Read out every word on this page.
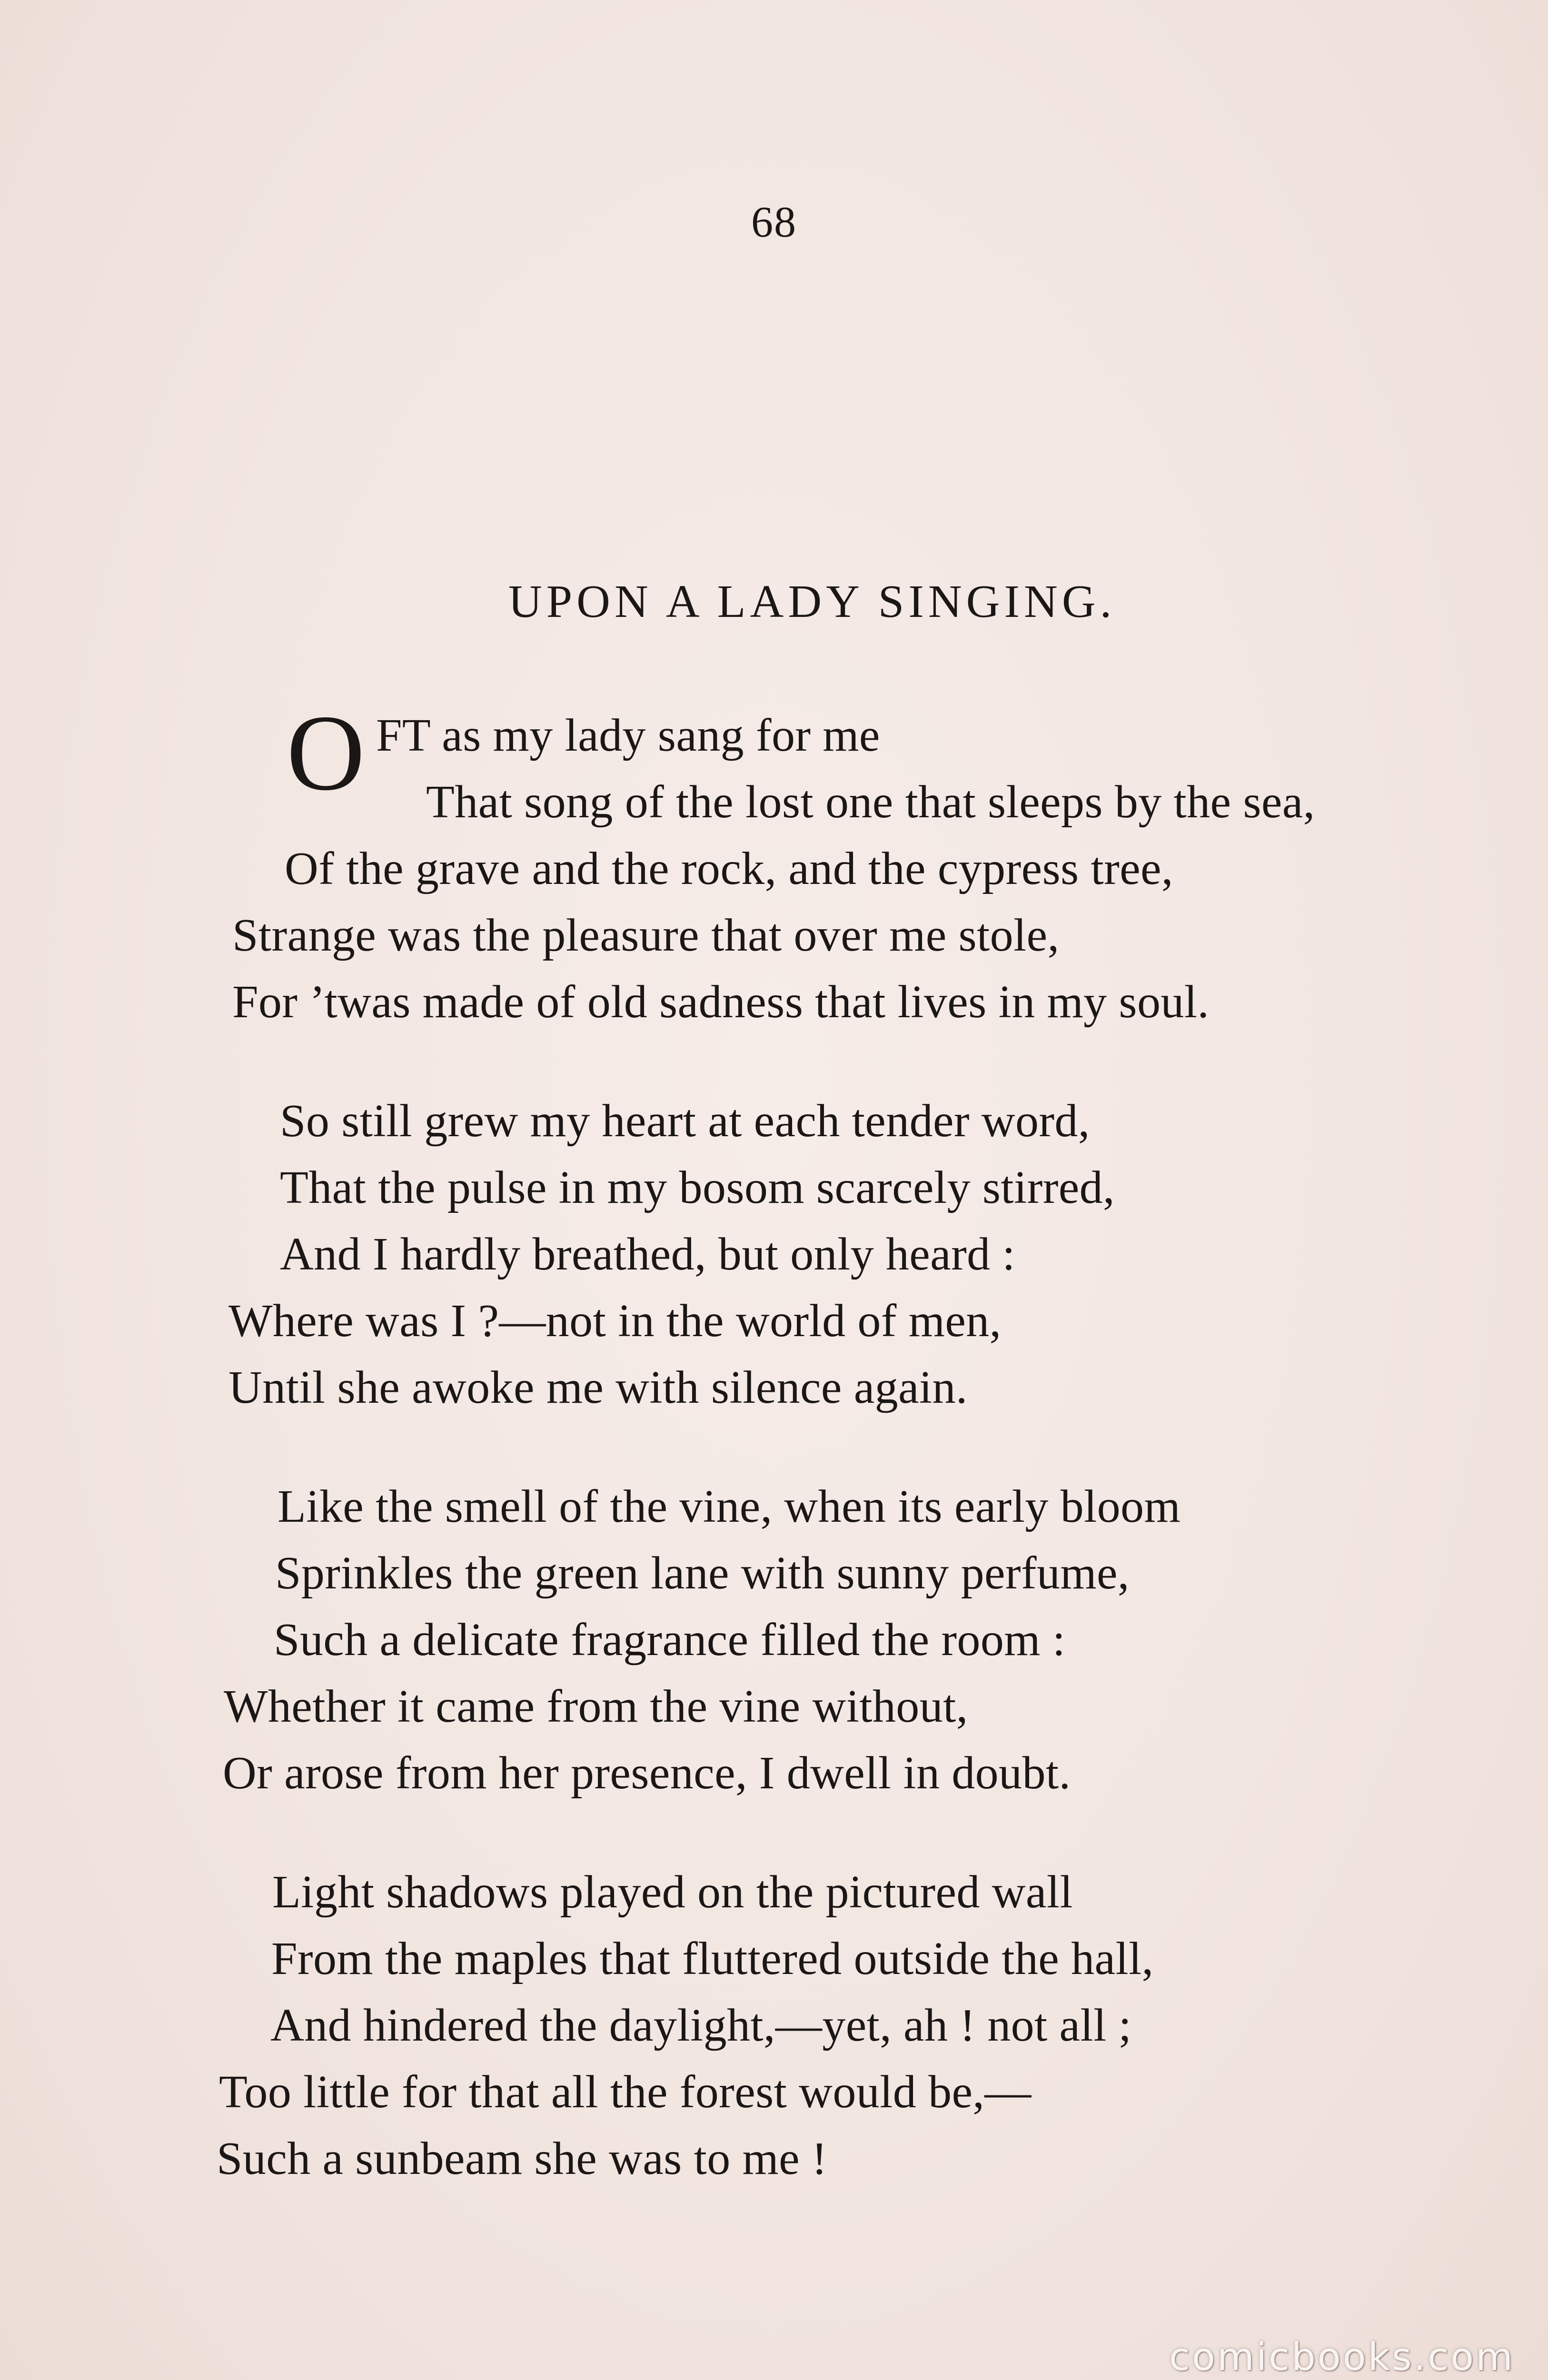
68
UPON A LADY SINGING.
O FT as my lady sang for me
That song of the lost one that sleeps by the sea,
Of the grave and the rock, and the cypress tree,
Strange was the pleasure that over me stole,
For ’twas made of old sadness that lives in my soul.
So still grew my heart at each tender word,
That the pulse in my bosom scarcely stirred,
And I hardly breathed, but only heard :
Where was I ?—not in the world of men,
Until she awoke me with silence again.
Like the smell of the vine, when its early bloom
Sprinkles the green lane with sunny perfume,
Such a delicate fragrance filled the room :
Whether it came from the vine without,
Or arose from her presence, I dwell in doubt.
Light shadows played on the pictured wall
From the maples that fluttered outside the hall,
And hindered the daylight,—yet, ah ! not all ;
Too little for that all the forest would be,—
Such a sunbeam she was to me !
comicbooks.com
